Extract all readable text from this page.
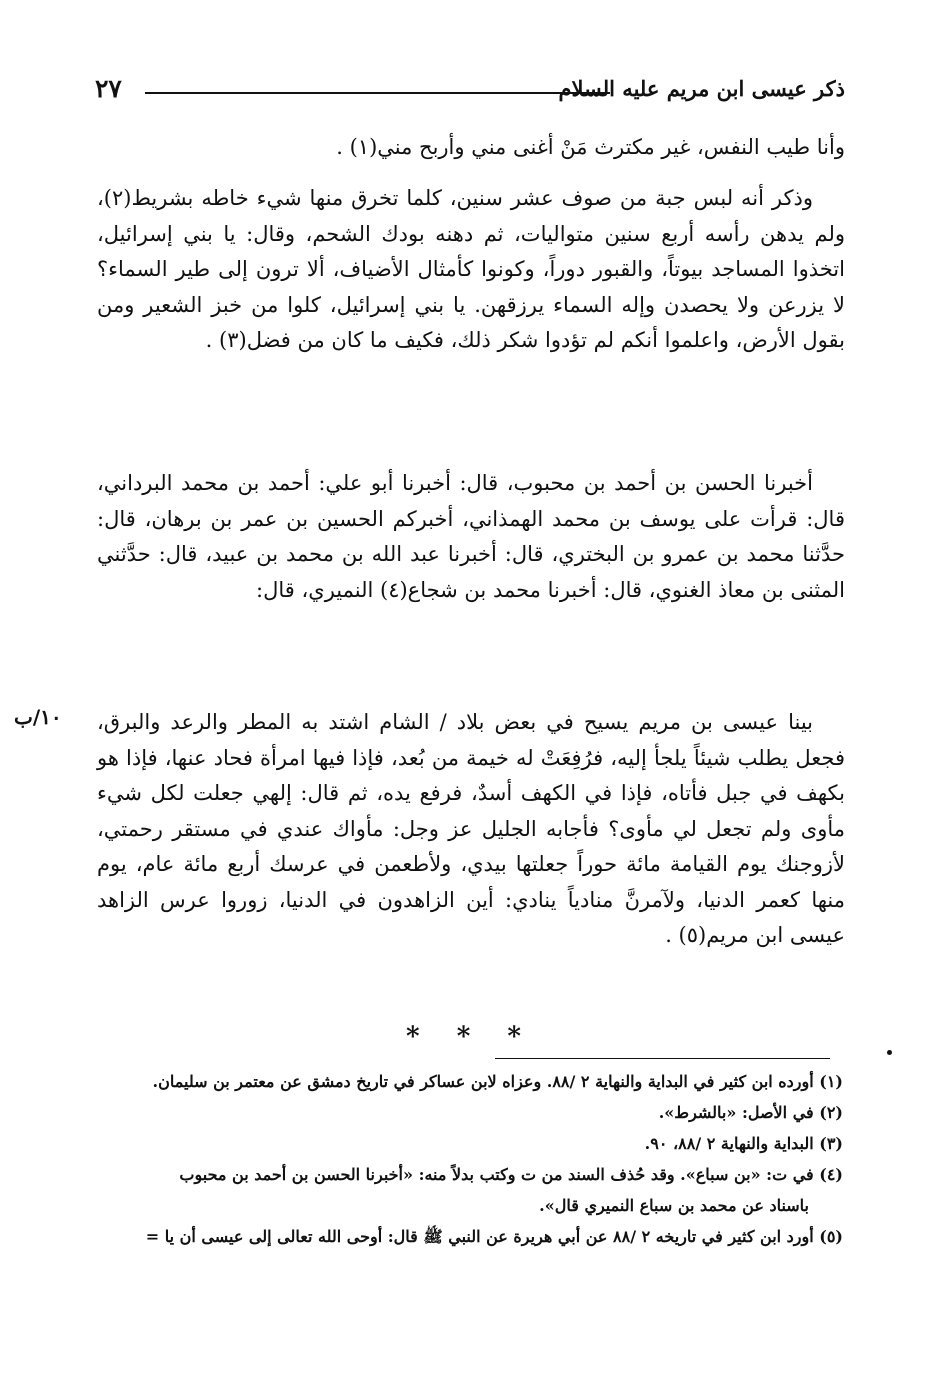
ذكر عيسى ابن مريم عليه السلام
٢٧

وأنا طيب النفس، غير مكترث مَنْ أغنى مني وأربح مني(١) .

وذكر أنه لبس جبة من صوف عشر سنين، كلما تخرق منها شيء خاطه بشريط(٢)، ولم يدهن رأسه أربع سنين متواليات، ثم دهنه بودك الشحم، وقال: يا بني إسرائيل، اتخذوا المساجد بيوتاً، والقبور دوراً، وكونوا كأمثال الأضياف، ألا ترون إلى طير السماء؟ لا يزرعن ولا يحصدن وإله السماء يرزقهن. يا بني إسرائيل، كلوا من خبز الشعير ومن بقول الأرض، واعلموا أنكم لم تؤدوا شكر ذلك، فكيف ما كان من فضل(٣) .

أخبرنا الحسن بن أحمد بن محبوب، قال: أخبرنا أبو علي: أحمد بن محمد البرداني، قال: قرأت على يوسف بن محمد الهمذاني، أخبركم الحسين بن عمر بن برهان، قال: حدَّثنا محمد بن عمرو بن البختري، قال: أخبرنا عبد الله بن محمد بن عبيد، قال: حدَّثني المثنى بن معاذ الغنوي، قال: أخبرنا محمد بن شجاع(٤) النميري، قال:

بينا عيسى بن مريم يسيح في بعض بلاد / الشام اشتد به المطر والرعد والبرق، فجعل يطلب شيئاً يلجأ إليه، فرُفِعَتْ له خيمة من بُعد، فإذا فيها امرأة فحاد عنها، فإذا هو بكهف في جبل فأتاه، فإذا في الكهف أسدٌ، فرفع يده، ثم قال: إلهي جعلت لكل شيء مأوى ولم تجعل لي مأوى؟ فأجابه الجليل عز وجل: مأواك عندي في مستقر رحمتي، لأزوجنك يوم القيامة مائة حوراً جعلتها بيدي، ولأطعمن في عرسك أربع مائة عام، يوم منها كعمر الدنيا، ولآمرنَّ منادياً ينادي: أين الزاهدون في الدنيا، زوروا عرس الزاهد عيسى ابن مريم(٥) .

١٠/ب
* * *
(١) أورده ابن كثير في البداية والنهاية ٢ /٨٨. وعزاه لابن عساكر في تاريخ دمشق عن معتمر بن سليمان.
(٢) في الأصل: «بالشرط».
(٣) البداية والنهاية ٢ /٨٨، ٩٠.
(٤) في ت: «بن سباع». وقد حُذف السند من ت وكتب بدلاً منه: «أخبرنا الحسن بن أحمد بن محبوب
باسناد عن محمد بن سباع النميري قال».
(٥) أورد ابن كثير في تاريخه ٢ /٨٨ عن أبي هريرة عن النبي ﷺ قال: أوحى الله تعالى إلى عيسى أن يا =
